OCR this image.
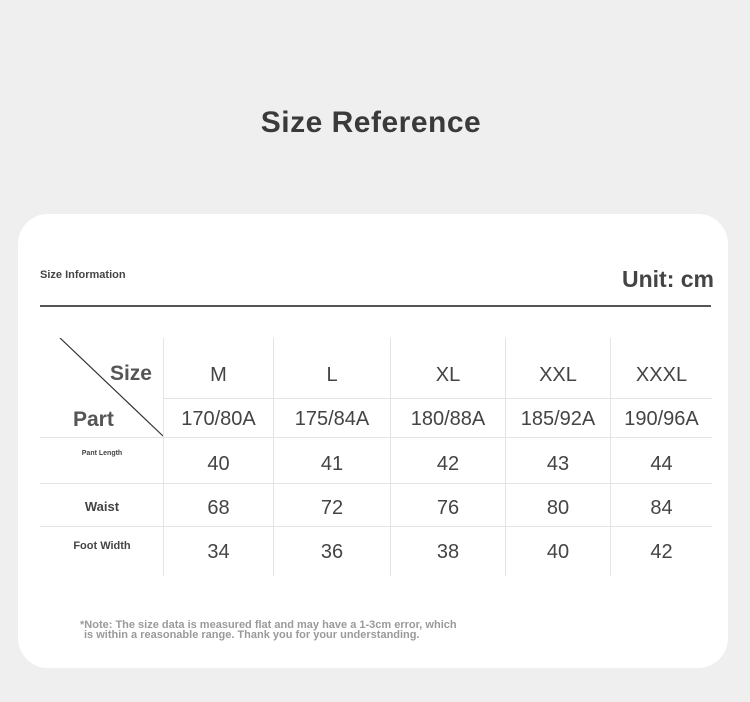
Size Reference
Size Information	Unit: cm
Size
Part
M	L	XL	XXL	XXXL
170/80A	175/84A	180/88A	185/92A	190/96A
Pant Length	40	41	42	43	44
Waist	68	72	76	80	84
Foot Width	34	36	38	40	42
*Note: The size data is measured flat and may have a 1-3cm error, which
is within a reasonable range. Thank you for your understanding.
